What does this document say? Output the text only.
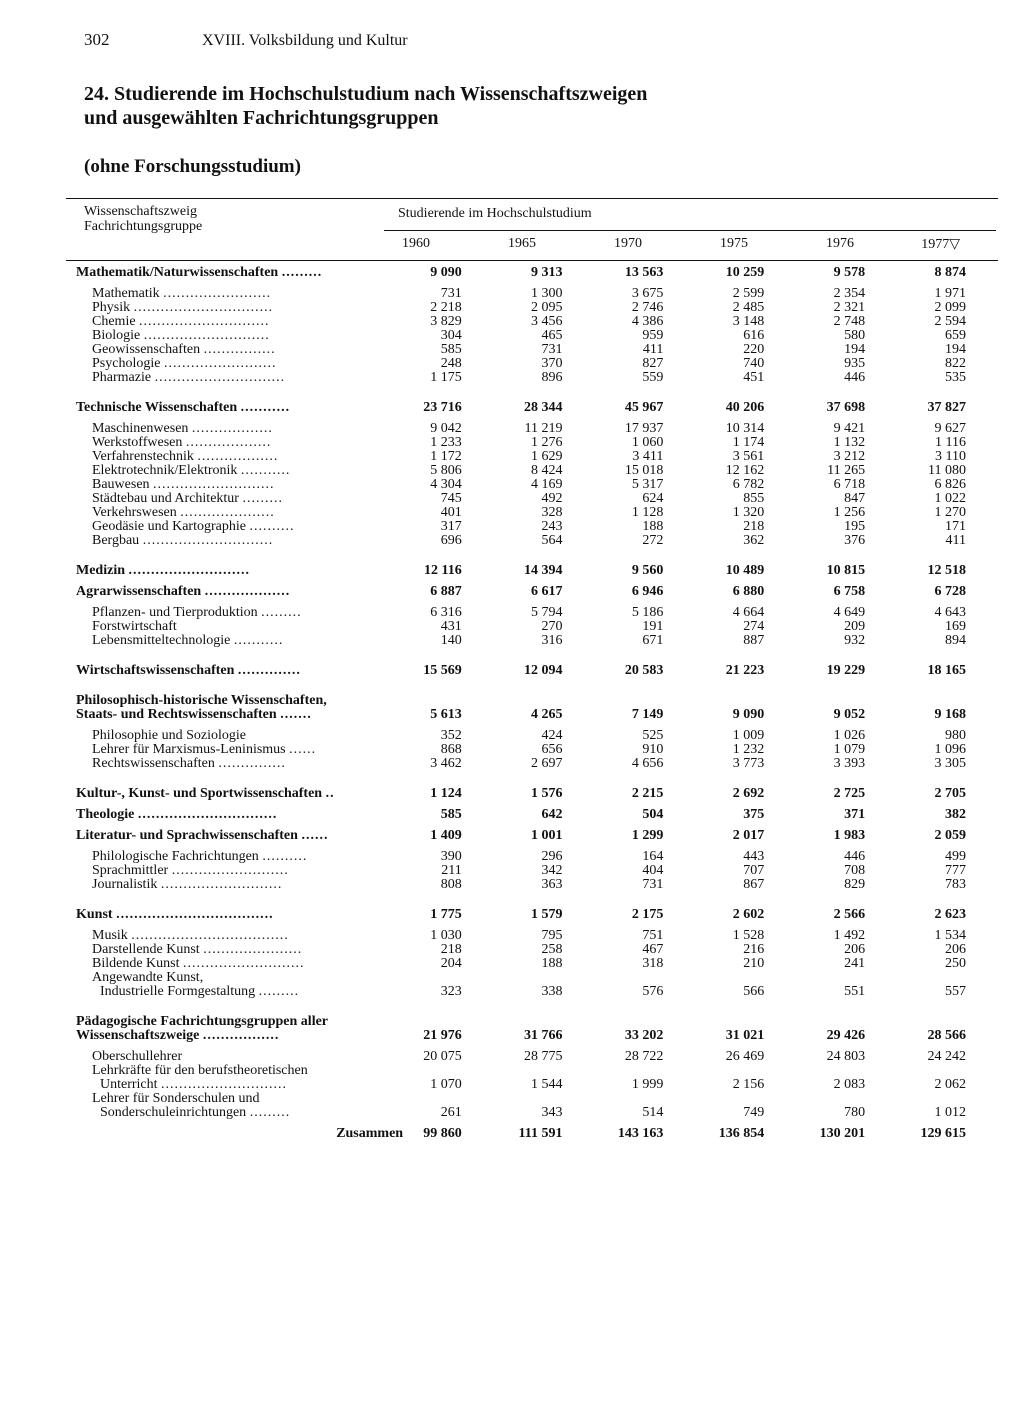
302	XVIII. Volksbildung und Kultur
24. Studierende im Hochschulstudium nach Wissenschaftszweigen
und ausgewählten Fachrichtungsgruppen
(ohne Forschungsstudium)
Wissenschaftszweig
Fachrichtungsgruppe
Studierende im Hochschulstudium
1960	1965	1970	1975	1976	1977▽
Mathematik/Naturwissenschaften .........	9 090	9 313	13 563	10 259	9 578	8 874

Mathematik ........................	731	1 300	3 675	2 599	2 354	1 971
Physik ...............................	2 218	2 095	2 746	2 485	2 321	2 099
Chemie .............................	3 829	3 456	4 386	3 148	2 748	2 594
Biologie ............................	304	465	959	616	580	659
Geowissenschaften ................	585	731	411	220	194	194
Psychologie .........................	248	370	827	740	935	822
Pharmazie .............................	1 175	896	559	451	446	535

Technische Wissenschaften ...........	23 716	28 344	45 967	40 206	37 698	37 827

Maschinenwesen ..................	9 042	11 219	17 937	10 314	9 421	9 627
Werkstoffwesen ...................	1 233	1 276	1 060	1 174	1 132	1 116
Verfahrenstechnik ..................	1 172	1 629	3 411	3 561	3 212	3 110
Elektrotechnik/Elektronik ...........	5 806	8 424	15 018	12 162	11 265	11 080
Bauwesen ...........................	4 304	4 169	5 317	6 782	6 718	6 826
Städtebau und Architektur .........	745	492	624	855	847	1 022
Verkehrswesen .....................	401	328	1 128	1 320	1 256	1 270
Geodäsie und Kartographie ..........	317	243	188	218	195	171
Bergbau .............................	696	564	272	362	376	411

Medizin ...........................	12 116	14 394	9 560	10 489	10 815	12 518

Agrarwissenschaften ...................	6 887	6 617	6 946	6 880	6 758	6 728

Pflanzen- und Tierproduktion .........	6 316	5 794	5 186	4 664	4 649	4 643
Forstwirtschaft	431	270	191	274	209	169
Lebensmitteltechnologie ...........	140	316	671	887	932	894

Wirtschaftswissenschaften ..............	15 569	12 094	20 583	21 223	19 229	18 165

Philosophisch-historische Wissenschaften,						
Staats- und Rechtswissenschaften .......	5 613	4 265	7 149	9 090	9 052	9 168

Philosophie und Soziologie	352	424	525	1 009	1 026	980
Lehrer für Marxismus-Leninismus ......	868	656	910	1 232	1 079	1 096
Rechtswissenschaften ...............	3 462	2 697	4 656	3 773	3 393	3 305

Kultur-, Kunst- und Sportwissenschaften ..	1 124	1 576	2 215	2 692	2 725	2 705

Theologie ...............................	585	642	504	375	371	382

Literatur- und Sprachwissenschaften ......	1 409	1 001	1 299	2 017	1 983	2 059

Philologische Fachrichtungen ..........	390	296	164	443	446	499
Sprachmittler ..........................	211	342	404	707	708	777
Journalistik ...........................	808	363	731	867	829	783

Kunst ...................................	1 775	1 579	2 175	2 602	2 566	2 623

Musik ...................................	1 030	795	751	1 528	1 492	1 534
Darstellende Kunst ......................	218	258	467	216	206	206
Bildende Kunst ...........................	204	188	318	210	241	250
Angewandte Kunst,						
Industrielle Formgestaltung .........	323	338	576	566	551	557

Pädagogische Fachrichtungsgruppen aller						
Wissenschaftszweige .................	21 976	31 766	33 202	31 021	29 426	28 566

Oberschullehrer	20 075	28 775	28 722	26 469	24 803	24 242
Lehrkräfte für den berufstheoretischen						
Unterricht ............................	1 070	1 544	1 999	2 156	2 083	2 062
Lehrer für Sonderschulen und						
Sonderschuleinrichtungen .........	261	343	514	749	780	1 012

Zusammen	99 860	111 591	143 163	136 854	130 201	129 615
